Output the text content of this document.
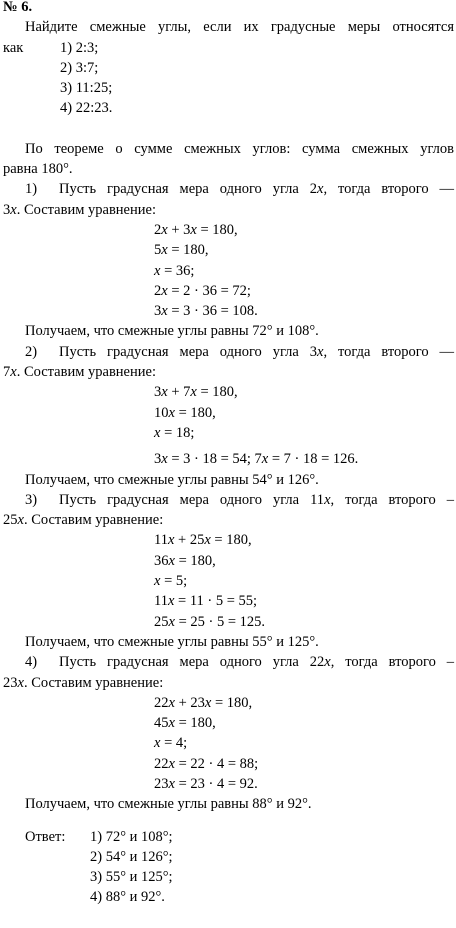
№ 6.
Найдите смежные углы, если их градусные меры относятся
как	1) 2:3;
2) 3:7;
3) 11:25;
4) 22:23.
По теореме о сумме смежных углов: сумма смежных углов
равна 180°.
1) Пусть градусная мера одного угла 2x, тогда второго —
3x. Составим уравнение:
2x + 3x = 180,
5x = 180,
x = 36;
2x = 2 · 36 = 72;
3x = 3 · 36 = 108.
Получаем, что смежные углы равны 72° и 108°.
2) Пусть градусная мера одного угла 3x, тогда второго —
7x. Составим уравнение:
3x + 7x = 180,
10x = 180,
x = 18;
3x = 3 · 18 = 54; 7x = 7 · 18 = 126.
Получаем, что смежные углы равны 54° и 126°.
3) Пусть градусная мера одного угла 11x, тогда второго –
25x. Составим уравнение:
11x + 25x = 180,
36x = 180,
x = 5;
11x = 11 · 5 = 55;
25x = 25 · 5 = 125.
Получаем, что смежные углы равны 55° и 125°.
4) Пусть градусная мера одного угла 22x, тогда второго –
23x. Составим уравнение:
22x + 23x = 180,
45x = 180,
x = 4;
22x = 22 · 4 = 88;
23x = 23 · 4 = 92.
Получаем, что смежные углы равны 88° и 92°.
Ответ: 1) 72° и 108°;
2) 54° и 126°;
3) 55° и 125°;
4) 88° и 92°.
